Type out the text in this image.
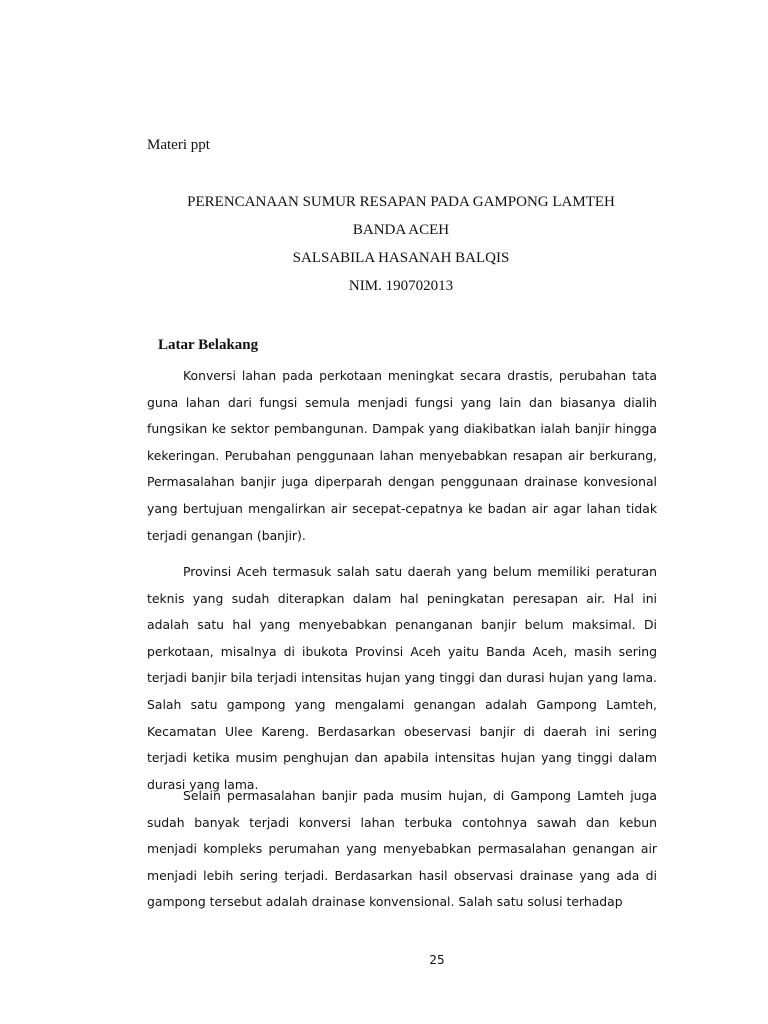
Materi ppt
PERENCANAAN SUMUR RESAPAN PADA GAMPONG LAMTEH
BANDA ACEH
SALSABILA HASANAH BALQIS
NIM. 190702013
Latar Belakang

Konversi lahan pada perkotaan meningkat secara drastis, perubahan tata guna lahan dari fungsi semula menjadi fungsi yang lain dan biasanya dialih fungsikan ke sektor pembangunan. Dampak yang diakibatkan ialah banjir hingga kekeringan. Perubahan penggunaan lahan menyebabkan resapan air berkurang, Permasalahan banjir juga diperparah dengan penggunaan drainase konvesional yang bertujuan mengalirkan air secepat-cepatnya ke badan air agar lahan tidak terjadi genangan (banjir).

Provinsi Aceh termasuk salah satu daerah yang belum memiliki peraturan teknis yang sudah diterapkan dalam hal peningkatan peresapan air. Hal ini adalah satu hal yang menyebabkan penanganan banjir belum maksimal. Di perkotaan, misalnya di ibukota Provinsi Aceh yaitu Banda Aceh, masih sering terjadi banjir bila terjadi intensitas hujan yang tinggi dan durasi hujan yang lama. Salah satu gampong yang mengalami genangan adalah Gampong Lamteh, Kecamatan Ulee Kareng. Berdasarkan obeservasi banjir di daerah ini sering terjadi ketika musim penghujan dan apabila intensitas hujan yang tinggi dalam durasi yang lama.

Selain permasalahan banjir pada musim hujan, di Gampong Lamteh juga sudah banyak terjadi konversi lahan terbuka contohnya sawah dan kebun menjadi kompleks perumahan yang menyebabkan permasalahan genangan air menjadi lebih sering terjadi. Berdasarkan hasil observasi drainase yang ada di gampong tersebut adalah drainase konvensional. Salah satu solusi terhadap

25
